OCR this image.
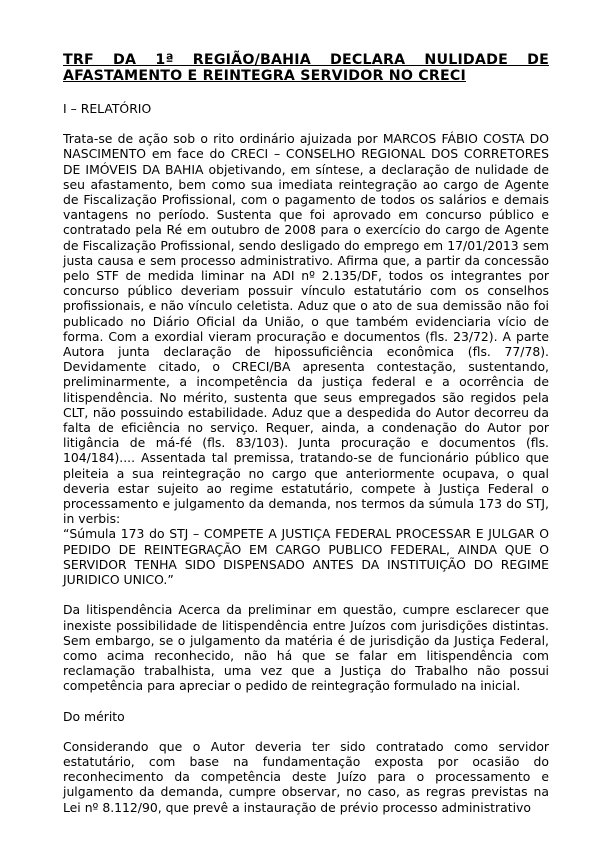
TRF DA 1ª REGIÃO/BAHIA DECLARA NULIDADE DE
AFASTAMENTO E REINTEGRA SERVIDOR NO CRECI
I – RELATÓRIO
Trata-se de ação sob o rito ordinário ajuizada por MARCOS FÁBIO COSTA DO NASCIMENTO em face do CRECI – CONSELHO REGIONAL DOS CORRETORES DE IMÓVEIS DA BAHIA objetivando, em síntese, a declaração de nulidade de seu afastamento, bem como sua imediata reintegração ao cargo de Agente de Fiscalização Profissional, com o pagamento de todos os salários e demais vantagens no período. Sustenta que foi aprovado em concurso público e contratado pela Ré em outubro de 2008 para o exercício do cargo de Agente de Fiscalização Profissional, sendo desligado do emprego em 17/01/2013 sem justa causa e sem processo administrativo. Afirma que, a partir da concessão pelo STF de medida liminar na ADI nº 2.135/DF, todos os integrantes por concurso público deveriam possuir vínculo estatutário com os conselhos profissionais, e não vínculo celetista. Aduz que o ato de sua demissão não foi publicado no Diário Oficial da União, o que também evidenciaria vício de forma. Com a exordial vieram procuração e documentos (fls. 23/72). A parte Autora junta declaração de hipossuficiência econômica (fls. 77/78). Devidamente citado, o CRECI/BA apresenta contestação, sustentando, preliminarmente, a incompetência da justiça federal e a ocorrência de litispendência. No mérito, sustenta que seus empregados são regidos pela CLT, não possuindo estabilidade. Aduz que a despedida do Autor decorreu da falta de eficiência no serviço. Requer, ainda, a condenação do Autor por litigância de má-fé (fls. 83/103). Junta procuração e documentos (fls. 104/184).... Assentada tal premissa, tratando-se de funcionário público que pleiteia a sua reintegração no cargo que anteriormente ocupava, o qual deveria estar sujeito ao regime estatutário, compete à Justiça Federal o processamento e julgamento da demanda, nos termos da súmula 173 do STJ, in verbis:
“Súmula 173 do STJ – COMPETE A JUSTIÇA FEDERAL PROCESSAR E JULGAR O PEDIDO DE REINTEGRAÇÃO EM CARGO PUBLICO FEDERAL, AINDA QUE O SERVIDOR TENHA SIDO DISPENSADO ANTES DA INSTITUIÇÃO DO REGIME JURIDICO UNICO.”
Da litispendência Acerca da preliminar em questão, cumpre esclarecer que inexiste possibilidade de litispendência entre Juízos com jurisdições distintas. Sem embargo, se o julgamento da matéria é de jurisdição da Justiça Federal, como acima reconhecido, não há que se falar em litispendência com reclamação trabalhista, uma vez que a Justiça do Trabalho não possui competência para apreciar o pedido de reintegração formulado na inicial.
Do mérito
Considerando que o Autor deveria ter sido contratado como servidor estatutário, com base na fundamentação exposta por ocasião do reconhecimento da competência deste Juízo para o processamento e julgamento da demanda, cumpre observar, no caso, as regras previstas na Lei nº 8.112/90, que prevê a instauração de prévio processo administrativo
